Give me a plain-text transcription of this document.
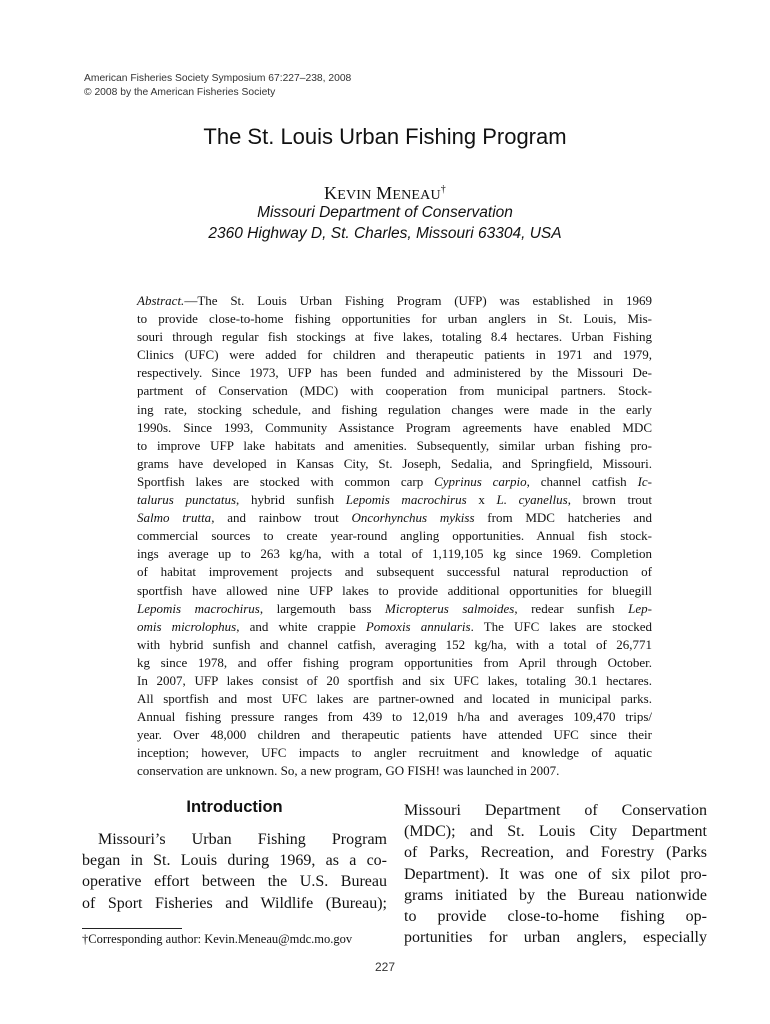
American Fisheries Society Symposium 67:227–238, 2008
© 2008 by the American Fisheries Society
The St. Louis Urban Fishing Program
KEVIN MENEAU†
Missouri Department of Conservation
2360 Highway D, St. Charles, Missouri 63304, USA
Abstract.—The St. Louis Urban Fishing Program (UFP) was established in 1969
to provide close-to-home fishing opportunities for urban anglers in St. Louis, Mis-
souri through regular fish stockings at five lakes, totaling 8.4 hectares. Urban Fishing
Clinics (UFC) were added for children and therapeutic patients in 1971 and 1979,
respectively. Since 1973, UFP has been funded and administered by the Missouri De-
partment of Conservation (MDC) with cooperation from municipal partners. Stock-
ing rate, stocking schedule, and fishing regulation changes were made in the early
1990s. Since 1993, Community Assistance Program agreements have enabled MDC
to improve UFP lake habitats and amenities. Subsequently, similar urban fishing pro-
grams have developed in Kansas City, St. Joseph, Sedalia, and Springfield, Missouri.
Sportfish lakes are stocked with common carp Cyprinus carpio, channel catfish Ic-
talurus punctatus, hybrid sunfish Lepomis macrochirus x L. cyanellus, brown trout
Salmo trutta, and rainbow trout Oncorhynchus mykiss from MDC hatcheries and
commercial sources to create year-round angling opportunities. Annual fish stock-
ings average up to 263 kg/ha, with a total of 1,119,105 kg since 1969. Completion
of habitat improvement projects and subsequent successful natural reproduction of
sportfish have allowed nine UFP lakes to provide additional opportunities for bluegill
Lepomis macrochirus, largemouth bass Micropterus salmoides, redear sunfish Lep-
omis microlophus, and white crappie Pomoxis annularis. The UFC lakes are stocked
with hybrid sunfish and channel catfish, averaging 152 kg/ha, with a total of 26,771
kg since 1978, and offer fishing program opportunities from April through October.
In 2007, UFP lakes consist of 20 sportfish and six UFC lakes, totaling 30.1 hectares.
All sportfish and most UFC lakes are partner-owned and located in municipal parks.
Annual fishing pressure ranges from 439 to 12,019 h/ha and averages 109,470 trips/
year. Over 48,000 children and therapeutic patients have attended UFC since their
inception; however, UFC impacts to angler recruitment and knowledge of aquatic
conservation are unknown. So, a new program, GO FISH! was launched in 2007.
Introduction
Missouri’s Urban Fishing Program
began in St. Louis during 1969, as a co-
operative effort between the U.S. Bureau
of Sport Fisheries and Wildlife (Bureau);
Missouri Department of Conservation
(MDC); and St. Louis City Department
of Parks, Recreation, and Forestry (Parks
Department). It was one of six pilot pro-
grams initiated by the Bureau nationwide
to provide close-to-home fishing op-
portunities for urban anglers, especially
†Corresponding author: Kevin.Meneau@mdc.mo.gov
227
